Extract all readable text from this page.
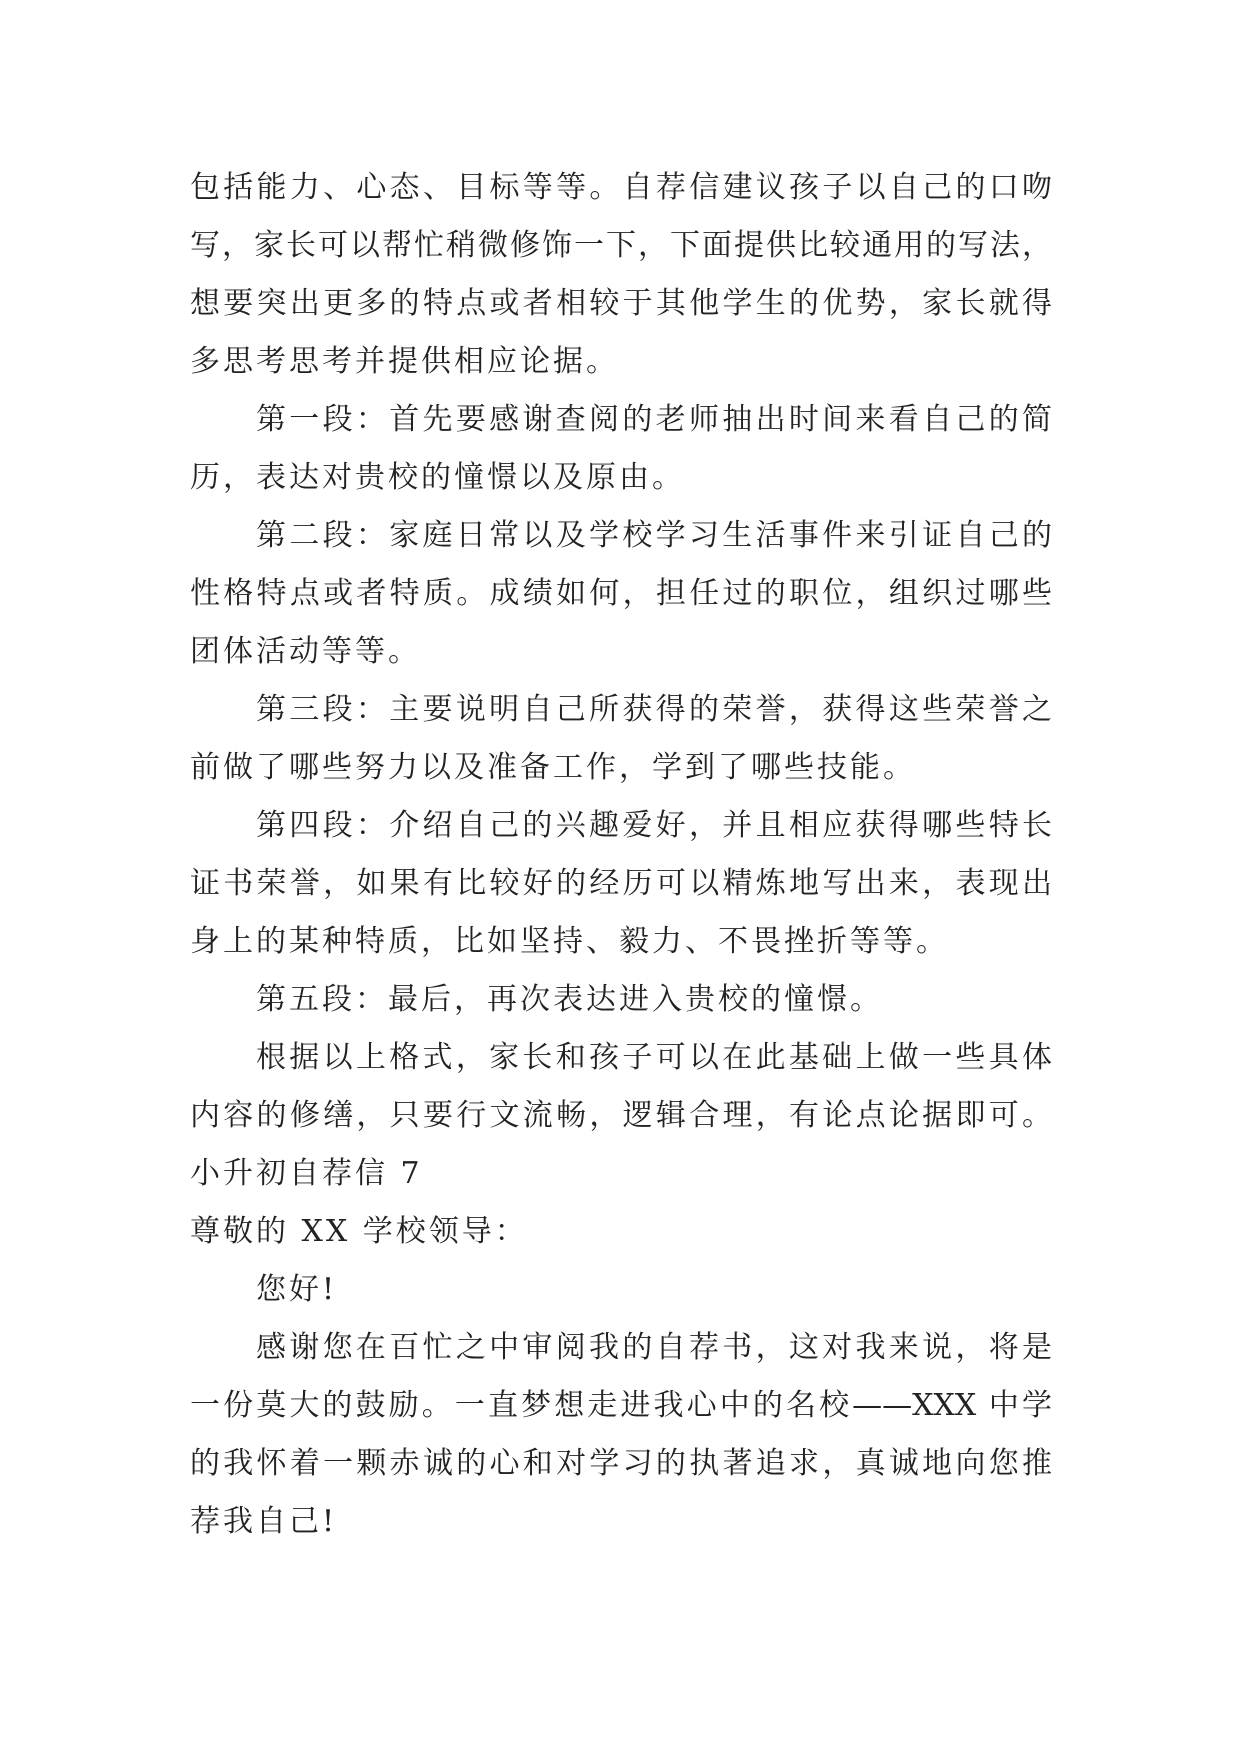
包括能力、心态、目标等等。自荐信建议孩子以自己的口吻
写，家长可以帮忙稍微修饰一下，下面提供比较通用的写法，
想要突出更多的特点或者相较于其他学生的优势，家长就得
多思考思考并提供相应论据。
第一段：首先要感谢查阅的老师抽出时间来看自己的简
历，表达对贵校的憧憬以及原由。
第二段：家庭日常以及学校学习生活事件来引证自己的
性格特点或者特质。成绩如何，担任过的职位，组织过哪些
团体活动等等。
第三段：主要说明自己所获得的荣誉，获得这些荣誉之
前做了哪些努力以及准备工作，学到了哪些技能。
第四段：介绍自己的兴趣爱好，并且相应获得哪些特长
证书荣誉，如果有比较好的经历可以精炼地写出来，表现出
身上的某种特质，比如坚持、毅力、不畏挫折等等。
第五段：最后，再次表达进入贵校的憧憬。
根据以上格式，家长和孩子可以在此基础上做一些具体
内容的修缮，只要行文流畅，逻辑合理，有论点论据即可。
小升初自荐信 7
尊敬的 XX 学校领导：
您好!
感谢您在百忙之中审阅我的自荐书，这对我来说，将是
一份莫大的鼓励。一直梦想走进我心中的名校——XXX 中学
的我怀着一颗赤诚的心和对学习的执著追求，真诚地向您推
荐我自己!
